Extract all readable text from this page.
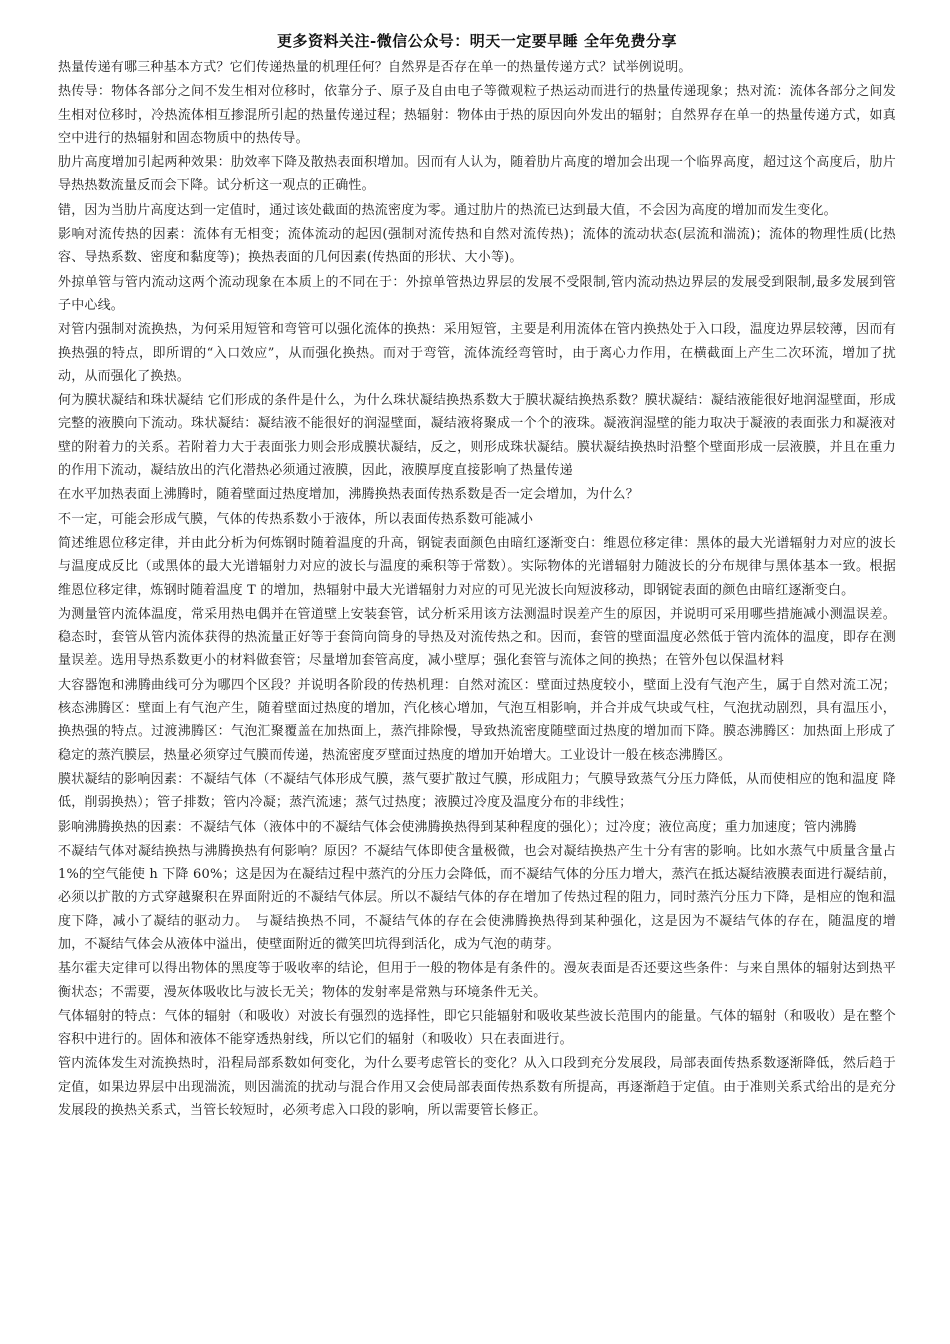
更多资料关注-微信公众号：明天一定要早睡 全年免费分享

热量传递有哪三种基本方式？它们传递热量的机理任何？自然界是否存在单一的热量传递方式？试举例说明。

热传导：物体各部分之间不发生相对位移时，依靠分子、原子及自由电子等微观粒子热运动而进行的热量传递现象；热对流：流体各部分之间发生相对位移时，冷热流体相互掺混所引起的热量传递过程；热辐射：物体由于热的原因向外发出的辐射；自然界存在单一的热量传递方式，如真空中进行的热辐射和固态物质中的热传导。

肋片高度增加引起两种效果：肋效率下降及散热表面积增加。因而有人认为，随着肋片高度的增加会出现一个临界高度，超过这个高度后，肋片导热热数流量反而会下降。试分析这一观点的正确性。

错，因为当肋片高度达到一定值时，通过该处截面的热流密度为零。通过肋片的热流已达到最大值，不会因为高度的增加而发生变化。

影响对流传热的因素：流体有无相变；流体流动的起因(强制对流传热和自然对流传热)；流体的流动状态(层流和湍流)；流体的物理性质(比热容、导热系数、密度和黏度等)；换热表面的几何因素(传热面的形状、大小等)。

外掠单管与管内流动这两个流动现象在本质上的不同在于：外掠单管热边界层的发展不受限制,管内流动热边界层的发展受到限制,最多发展到管子中心线。

对管内强制对流换热，为何采用短管和弯管可以强化流体的换热：采用短管，主要是利用流体在管内换热处于入口段，温度边界层较薄，因而有换热强的特点，即所谓的“入口效应”，从而强化换热。而对于弯管，流体流经弯管时，由于离心力作用，在横截面上产生二次环流，增加了扰动，从而强化了换热。

何为膜状凝结和珠状凝结 它们形成的条件是什么，为什么珠状凝结换热系数大于膜状凝结换热系数？膜状凝结：凝结液能很好地润湿壁面，形成完整的液膜向下流动。珠状凝结：凝结液不能很好的润湿壁面，凝结液将聚成一个个的液珠。凝液润湿壁的能力取决于凝液的表面张力和凝液对壁的附着力的关系。若附着力大于表面张力则会形成膜状凝结，反之，则形成珠状凝结。膜状凝结换热时沿整个壁面形成一层液膜，并且在重力的作用下流动，凝结放出的汽化潜热必须通过液膜，因此，液膜厚度直接影响了热量传递

在水平加热表面上沸腾时，随着壁面过热度增加，沸腾换热表面传热系数是否一定会增加，为什么？

不一定，可能会形成气膜，气体的传热系数小于液体，所以表面传热系数可能减小

简述维恩位移定律，并由此分析为何炼钢时随着温度的升高，钢锭表面颜色由暗红逐渐变白：维恩位移定律：黑体的最大光谱辐射力对应的波长与温度成反比（或黑体的最大光谱辐射力对应的波长与温度的乘积等于常数）。实际物体的光谱辐射力随波长的分布规律与黑体基本一致。根据维恩位移定律，炼钢时随着温度 T 的增加，热辐射中最大光谱辐射力对应的可见光波长向短波移动，即钢锭表面的颜色由暗红逐渐变白。

为测量管内流体温度，常采用热电偶并在管道壁上安装套管，试分析采用该方法测温时误差产生的原因，并说明可采用哪些措施减小测温误差。稳态时，套管从管内流体获得的热流量正好等于套筒向筒身的导热及对流传热之和。因而，套管的壁面温度必然低于管内流体的温度，即存在测量误差。选用导热系数更小的材料做套管；尽量增加套管高度，减小壁厚；强化套管与流体之间的换热；在管外包以保温材料

大容器饱和沸腾曲线可分为哪四个区段？并说明各阶段的传热机理：自然对流区：壁面过热度较小，壁面上没有气泡产生，属于自然对流工况；核态沸腾区：壁面上有气泡产生，随着壁面过热度的增加，汽化核心增加，气泡互相影响，并合并成气块或气柱，气泡扰动剧烈，具有温压小，换热强的特点。过渡沸腾区：气泡汇聚覆盖在加热面上，蒸汽排除慢，导致热流密度随壁面过热度的增加而下降。膜态沸腾区：加热面上形成了稳定的蒸汽膜层，热量必须穿过气膜而传递，热流密度歹壁面过热度的增加开始增大。工业设计一般在核态沸腾区。

膜状凝结的影响因素：不凝结气体（不凝结气体形成气膜，蒸气要扩散过气膜，形成阻力；气膜导致蒸气分压力降低，从而使相应的饱和温度 降低，削弱换热）；管子排数；管内冷凝；蒸汽流速；蒸气过热度；液膜过冷度及温度分布的非线性；

影响沸腾换热的因素：不凝结气体（液体中的不凝结气体会使沸腾换热得到某种程度的强化）；过冷度；液位高度；重力加速度；管内沸腾

不凝结气体对凝结换热与沸腾换热有何影响？原因？不凝结气体即使含量极微，也会对凝结换热产生十分有害的影响。比如水蒸气中质量含量占 1%的空气能使 h 下降 60%；这是因为在凝结过程中蒸汽的分压力会降低，而不凝结气体的分压力增大，蒸汽在抵达凝结液膜表面进行凝结前，必须以扩散的方式穿越聚积在界面附近的不凝结气体层。所以不凝结气体的存在增加了传热过程的阻力，同时蒸汽分压力下降，是相应的饱和温度下降，减小了凝结的驱动力。　与凝结换热不同，不凝结气体的存在会使沸腾换热得到某种强化，这是因为不凝结气体的存在，随温度的增加，不凝结气体会从液体中溢出，使壁面附近的微笑凹坑得到活化，成为气泡的萌芽。

基尔霍夫定律可以得出物体的黑度等于吸收率的结论，但用于一般的物体是有条件的。漫灰表面是否还要这些条件：与来自黑体的辐射达到热平衡状态；不需要，漫灰体吸收比与波长无关；物体的发射率是常熟与环境条件无关。

气体辐射的特点：气体的辐射（和吸收）对波长有强烈的选择性，即它只能辐射和吸收某些波长范围内的能量。气体的辐射（和吸收）是在整个容积中进行的。固体和液体不能穿透热射线，所以它们的辐射（和吸收）只在表面进行。

管内流体发生对流换热时，沿程局部系数如何变化，为什么要考虑管长的变化？从入口段到充分发展段，局部表面传热系数逐渐降低，然后趋于定值，如果边界层中出现湍流，则因湍流的扰动与混合作用又会使局部表面传热系数有所提高，再逐渐趋于定值。由于准则关系式给出的是充分发展段的换热关系式，当管长较短时，必须考虑入口段的影响，所以需要管长修正。
